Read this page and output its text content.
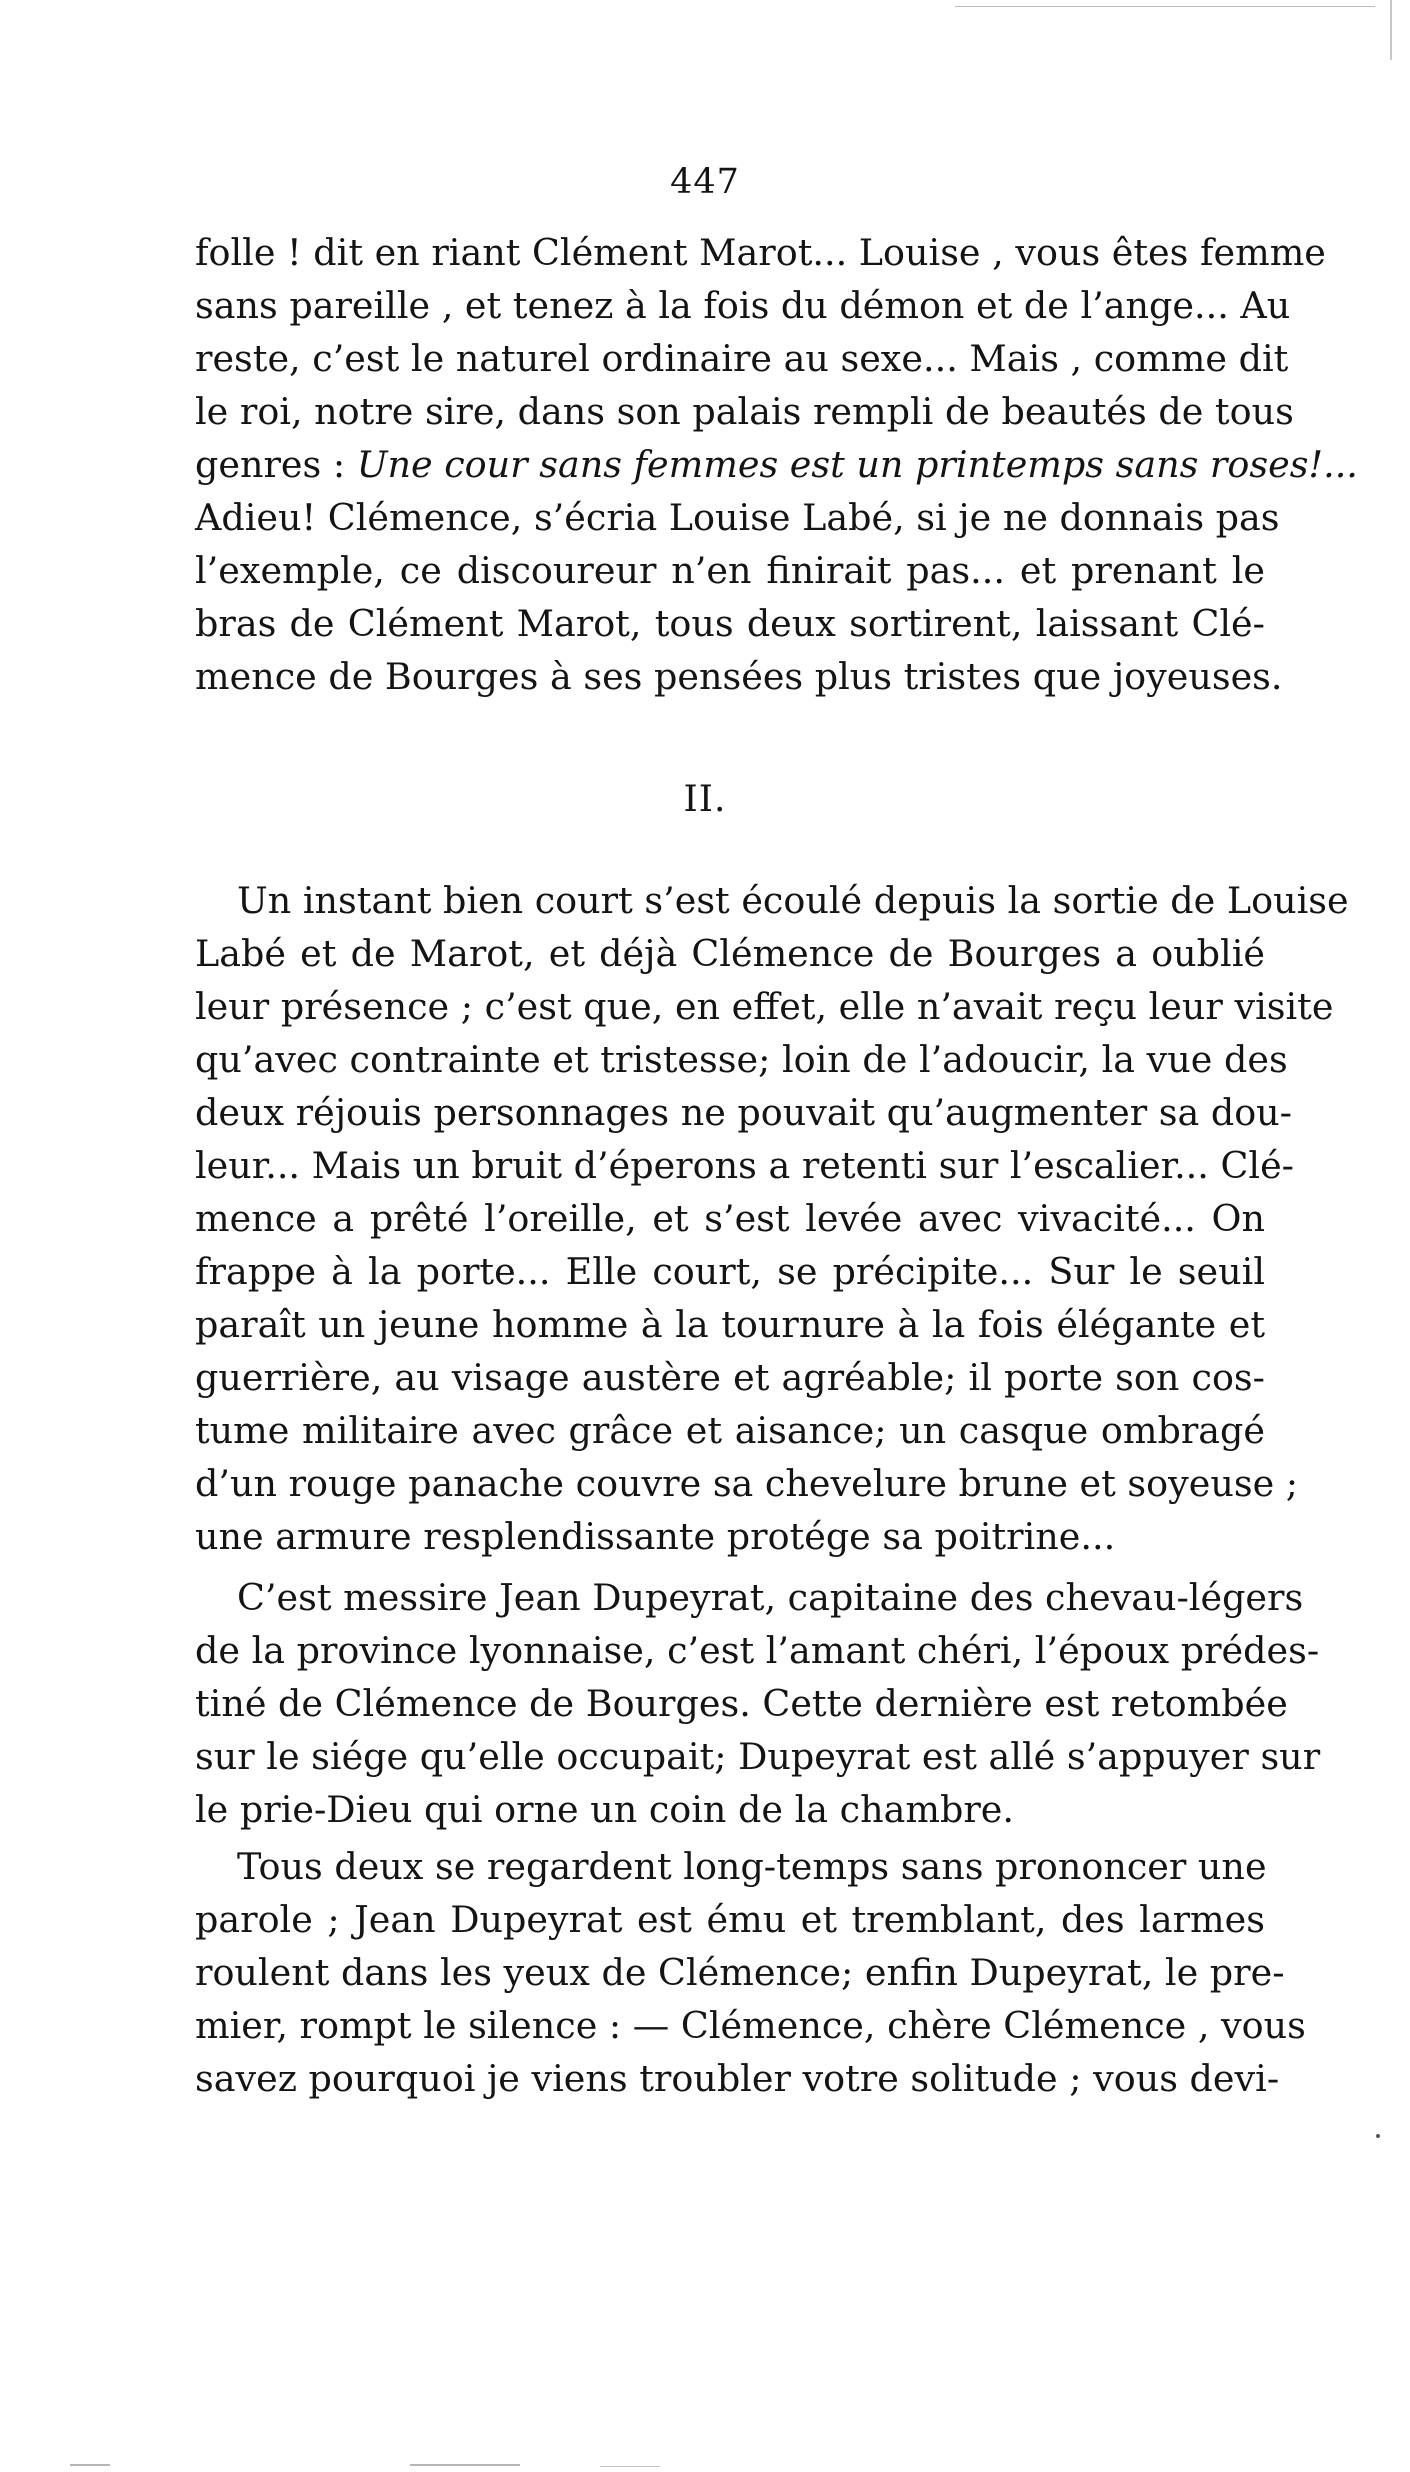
447
folle ! dit en riant Clément Marot... Louise , vous êtes femme
sans pareille , et tenez à la fois du démon et de l’ange... Au
reste, c’est le naturel ordinaire au sexe... Mais , comme dit
le roi, notre sire, dans son palais rempli de beautés de tous
genres : Une cour sans femmes est un printemps sans roses!...
Adieu! Clémence, s’écria Louise Labé, si je ne donnais pas
l’exemple, ce discoureur n’en finirait pas... et prenant le
bras de Clément Marot, tous deux sortirent, laissant Clé-
mence de Bourges à ses pensées plus tristes que joyeuses.
II.
Un instant bien court s’est écoulé depuis la sortie de Louise
Labé et de Marot, et déjà Clémence de Bourges a oublié
leur présence ; c’est que, en effet, elle n’avait reçu leur visite
qu’avec contrainte et tristesse; loin de l’adoucir, la vue des
deux réjouis personnages ne pouvait qu’augmenter sa dou-
leur... Mais un bruit d’éperons a retenti sur l’escalier... Clé-
mence a prêté l’oreille, et s’est levée avec vivacité... On
frappe à la porte... Elle court, se précipite... Sur le seuil
paraît un jeune homme à la tournure à la fois élégante et
guerrière, au visage austère et agréable; il porte son cos-
tume militaire avec grâce et aisance; un casque ombragé
d’un rouge panache couvre sa chevelure brune et soyeuse ;
une armure resplendissante protége sa poitrine...
C’est messire Jean Dupeyrat, capitaine des chevau-légers
de la province lyonnaise, c’est l’amant chéri, l’époux prédes-
tiné de Clémence de Bourges. Cette dernière est retombée
sur le siége qu’elle occupait; Dupeyrat est allé s’appuyer sur
le prie-Dieu qui orne un coin de la chambre.
Tous deux se regardent long-temps sans prononcer une
parole ; Jean Dupeyrat est ému et tremblant, des larmes
roulent dans les yeux de Clémence; enfin Dupeyrat, le pre-
mier, rompt le silence : — Clémence, chère Clémence , vous
savez pourquoi je viens troubler votre solitude ; vous devi-
